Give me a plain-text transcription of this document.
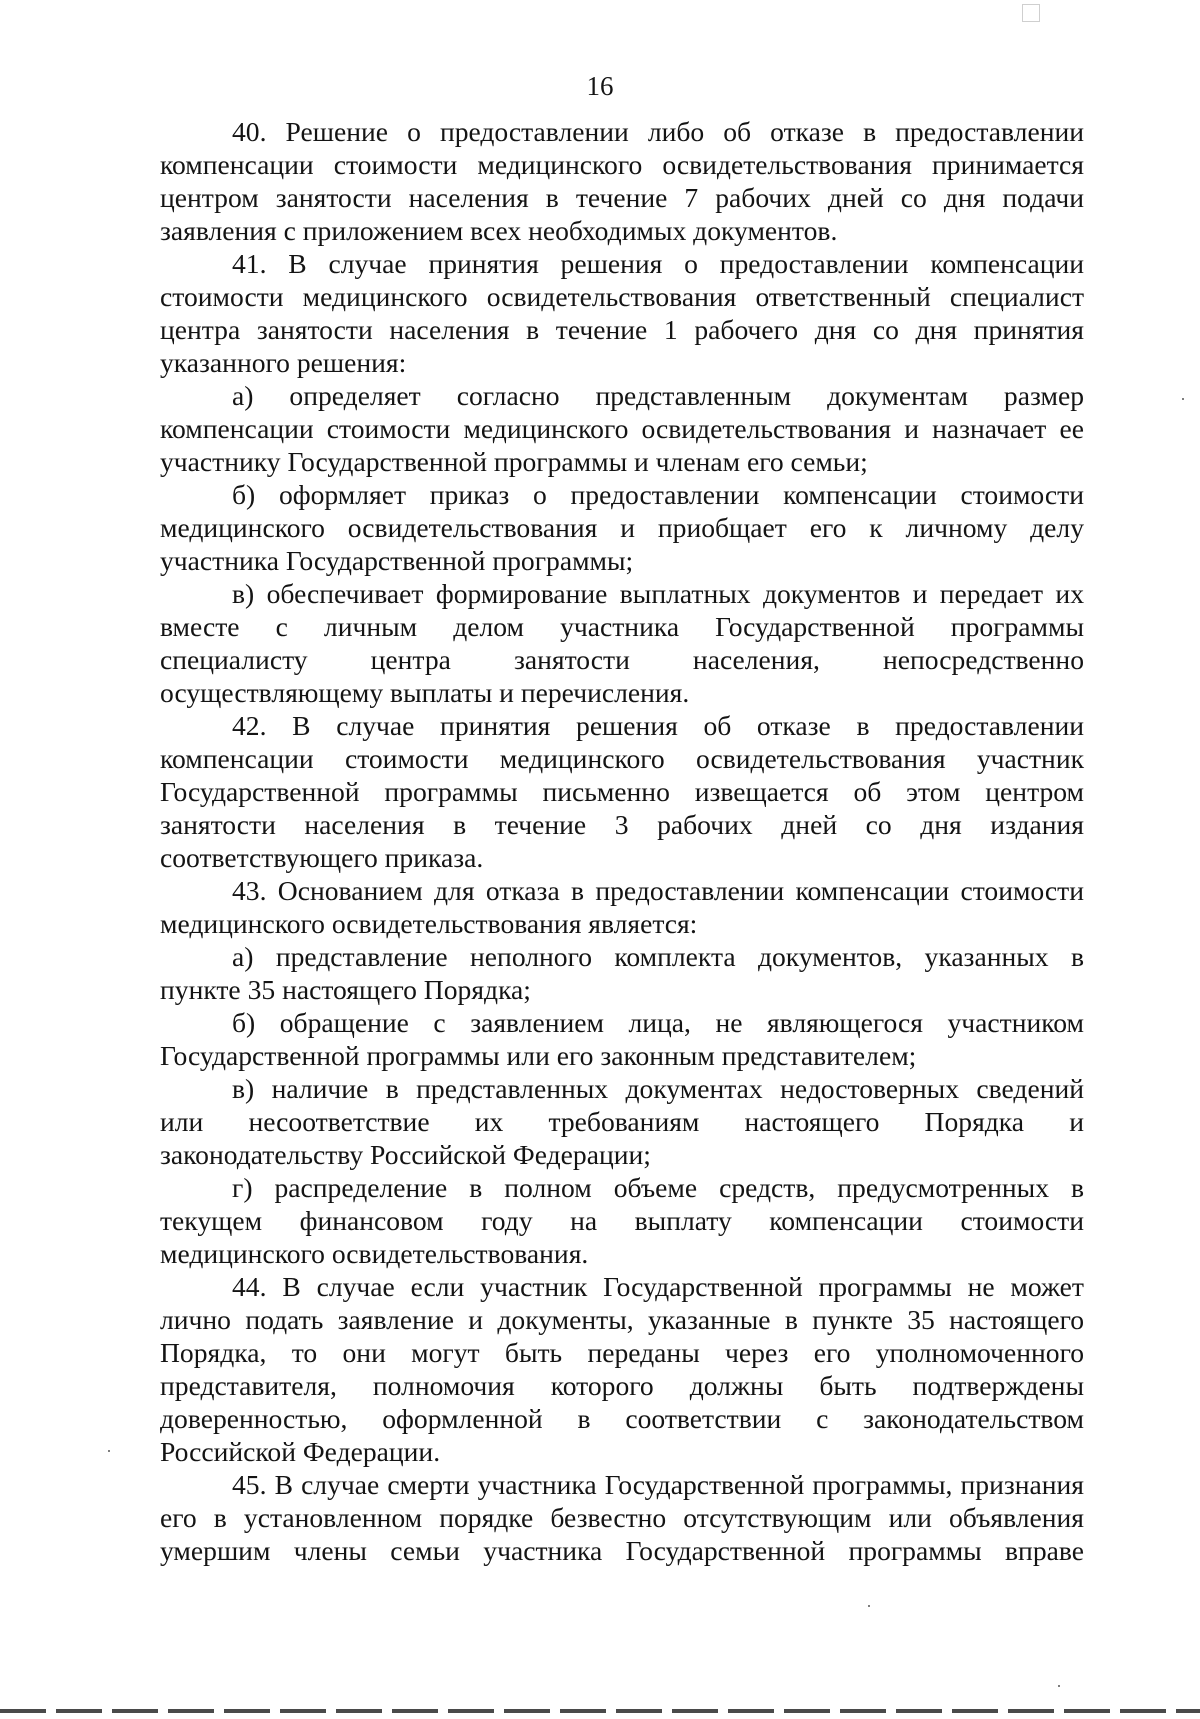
16
40. Решение о предоставлении либо об отказе в предоставлении
компенсации стоимости медицинского освидетельствования принимается
центром занятости населения в течение 7 рабочих дней со дня подачи
заявления с приложением всех необходимых документов.
41. В случае принятия решения о предоставлении компенсации
стоимости медицинского освидетельствования ответственный специалист
центра занятости населения в течение 1 рабочего дня со дня принятия
указанного решения:
а) определяет согласно представленным документам размер
компенсации стоимости медицинского освидетельствования и назначает ее
участнику Государственной программы и членам его семьи;
б) оформляет приказ о предоставлении компенсации стоимости
медицинского освидетельствования и приобщает его к личному делу
участника Государственной программы;
в) обеспечивает формирование выплатных документов и передает их
вместе с личным делом участника Государственной программы
специалисту центра занятости населения, непосредственно
осуществляющему выплаты и перечисления.
42. В случае принятия решения об отказе в предоставлении
компенсации стоимости медицинского освидетельствования участник
Государственной программы письменно извещается об этом центром
занятости населения в течение 3 рабочих дней со дня издания
соответствующего приказа.
43. Основанием для отказа в предоставлении компенсации стоимости
медицинского освидетельствования является:
а) представление неполного комплекта документов, указанных в
пункте 35 настоящего Порядка;
б) обращение с заявлением лица, не являющегося участником
Государственной программы или его законным представителем;
в) наличие в представленных документах недостоверных сведений
или несоответствие их требованиям настоящего Порядка и
законодательству Российской Федерации;
г) распределение в полном объеме средств, предусмотренных в
текущем финансовом году на выплату компенсации стоимости
медицинского освидетельствования.
44. В случае если участник Государственной программы не может
лично подать заявление и документы, указанные в пункте 35 настоящего
Порядка, то они могут быть переданы через его уполномоченного
представителя, полномочия которого должны быть подтверждены
доверенностью, оформленной в соответствии с законодательством
Российской Федерации.
45. В случае смерти участника Государственной программы, признания
его в установленном порядке безвестно отсутствующим или объявления
умершим члены семьи участника Государственной программы вправе
